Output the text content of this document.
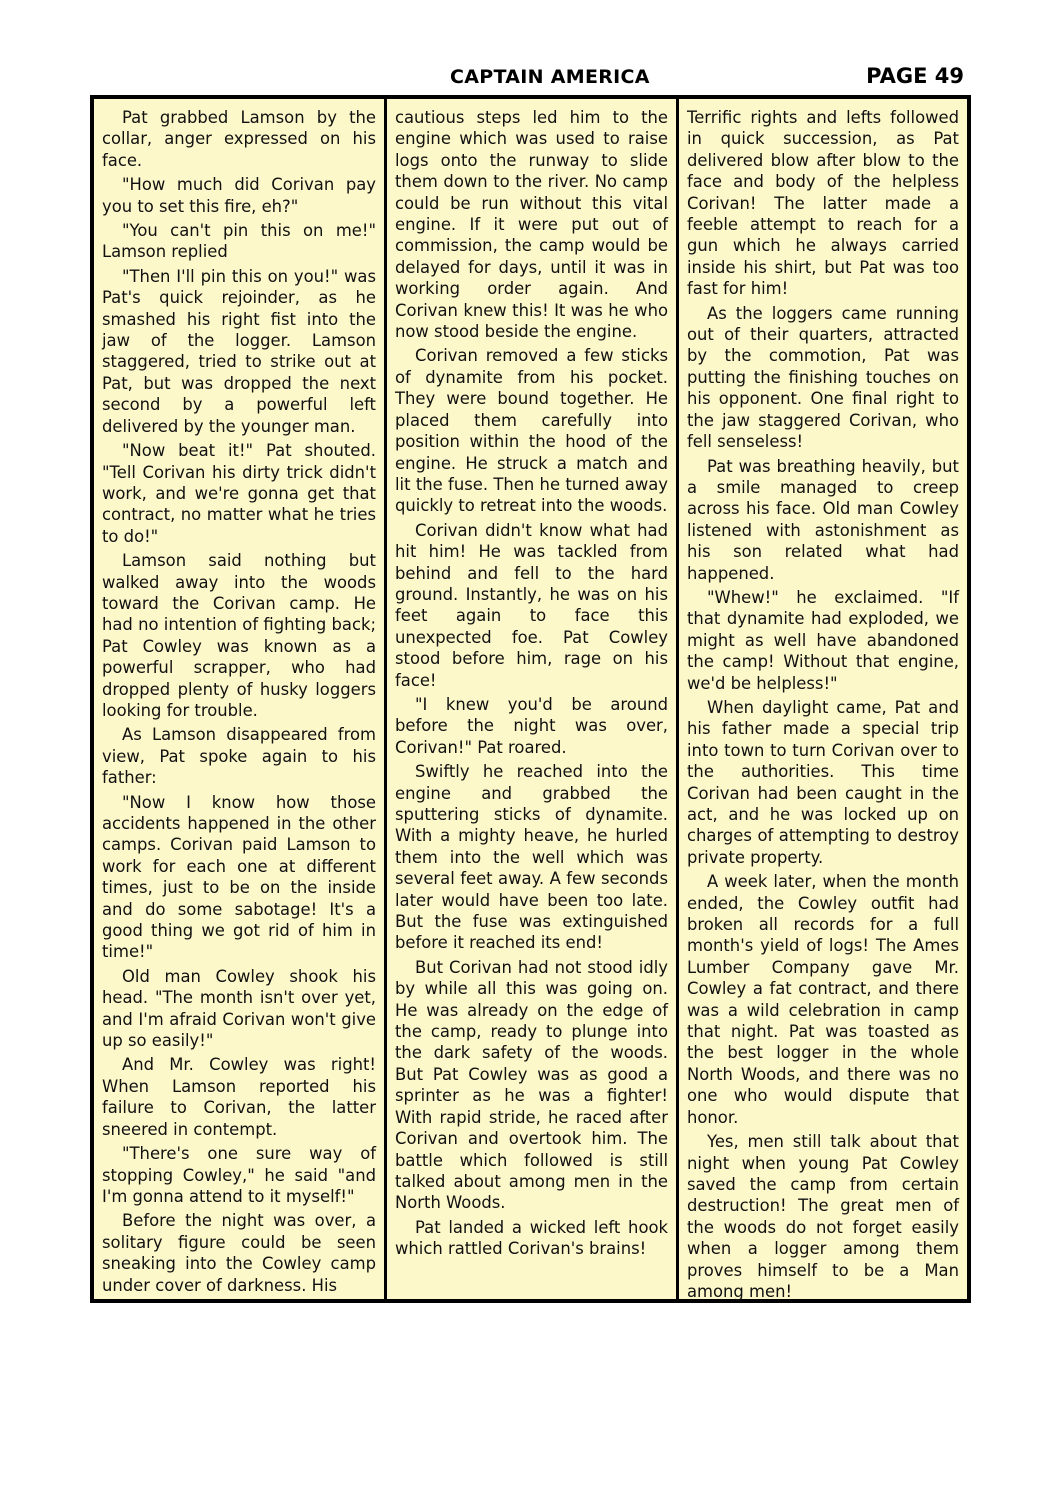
CAPTAIN AMERICA	PAGE 49

Pat grabbed Lamson by the collar, anger expressed on his face.

"How much did Corivan pay you to set this fire, eh?"

"You can't pin this on me!" Lamson replied

"Then I'll pin this on you!" was Pat's quick rejoinder, as he smashed his right fist into the jaw of the logger. Lamson staggered, tried to strike out at Pat, but was dropped the next second by a powerful left delivered by the younger man.

"Now beat it!" Pat shouted. "Tell Corivan his dirty trick didn't work, and we're gonna get that contract, no matter what he tries to do!"

Lamson said nothing but walked away into the woods toward the Corivan camp. He had no intention of fighting back; Pat Cowley was known as a powerful scrapper, who had dropped plenty of husky loggers looking for trouble.

As Lamson disappeared from view, Pat spoke again to his father:

"Now I know how those accidents happened in the other camps. Corivan paid Lamson to work for each one at different times, just to be on the inside and do some sabotage! It's a good thing we got rid of him in time!"

Old man Cowley shook his head. "The month isn't over yet, and I'm afraid Corivan won't give up so easily!"

And Mr. Cowley was right! When Lamson reported his failure to Corivan, the latter sneered in contempt.

"There's one sure way of stopping Cowley," he said "and I'm gonna attend to it myself!"

Before the night was over, a solitary figure could be seen sneaking into the Cowley camp under cover of darkness. His

cautious steps led him to the engine which was used to raise logs onto the runway to slide them down to the river. No camp could be run without this vital engine. If it were put out of commission, the camp would be delayed for days, until it was in working order again. And Corivan knew this! It was he who now stood beside the engine.

Corivan removed a few sticks of dynamite from his pocket. They were bound together. He placed them carefully into position within the hood of the engine. He struck a match and lit the fuse. Then he turned away quickly to retreat into the woods.

Corivan didn't know what had hit him! He was tackled from behind and fell to the hard ground. Instantly, he was on his feet again to face this unexpected foe. Pat Cowley stood before him, rage on his face!

"I knew you'd be around before the night was over, Corivan!" Pat roared.

Swiftly he reached into the engine and grabbed the sputtering sticks of dynamite. With a mighty heave, he hurled them into the well which was several feet away. A few seconds later would have been too late. But the fuse was extinguished before it reached its end!

But Corivan had not stood idly by while all this was going on. He was already on the edge of the camp, ready to plunge into the dark safety of the woods. But Pat Cowley was as good a sprinter as he was a fighter! With rapid stride, he raced after Corivan and overtook him. The battle which followed is still talked about among men in the North Woods.

Pat landed a wicked left hook which rattled Corivan's brains!

Terrific rights and lefts followed in quick succession, as Pat delivered blow after blow to the face and body of the helpless Corivan! The latter made a feeble attempt to reach for a gun which he always carried inside his shirt, but Pat was too fast for him!

As the loggers came running out of their quarters, attracted by the commotion, Pat was putting the finishing touches on his opponent. One final right to the jaw staggered Corivan, who fell senseless!

Pat was breathing heavily, but a smile managed to creep across his face. Old man Cowley listened with astonishment as his son related what had happened.

"Whew!" he exclaimed. "If that dynamite had exploded, we might as well have abandoned the camp! Without that engine, we'd be helpless!"

When daylight came, Pat and his father made a special trip into town to turn Corivan over to the authorities. This time Corivan had been caught in the act, and he was locked up on charges of attempting to destroy private property.

A week later, when the month ended, the Cowley outfit had broken all records for a full month's yield of logs! The Ames Lumber Company gave Mr. Cowley a fat contract, and there was a wild celebration in camp that night. Pat was toasted as the best logger in the whole North Woods, and there was no one who would dispute that honor.

Yes, men still talk about that night when young Pat Cowley saved the camp from certain destruction! The great men of the woods do not forget easily when a logger among them proves himself to be a Man among men!
